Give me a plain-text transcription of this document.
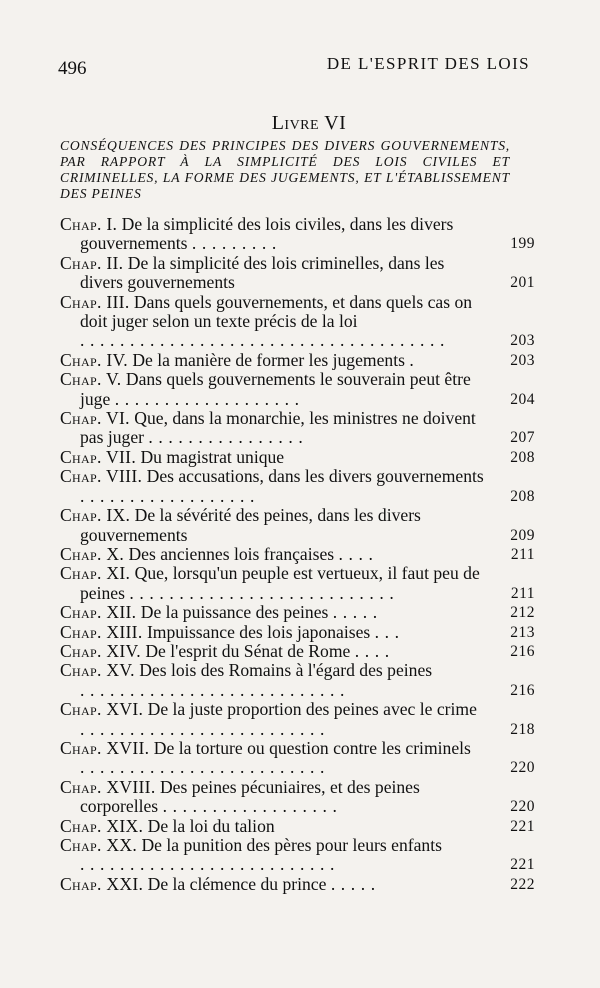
496	DE L'ESPRIT DES LOIS
Livre VI
CONSÉQUENCES DES PRINCIPES DES DIVERS GOUVERNEMENTS, PAR RAPPORT À LA SIMPLICITÉ DES LOIS CIVILES ET CRIMINELLES, LA FORME DES JUGEMENTS, ET L'ÉTABLISSEMENT DES PEINES
Chap. I. De la simplicité des lois civiles, dans les divers gouvernements .........	199
Chap. II. De la simplicité des lois criminelles, dans les divers gouvernements	201
Chap. III. Dans quels gouvernements, et dans quels cas on doit juger selon un texte précis de la loi .....................................	203
Chap. IV. De la manière de former les jugements .	203
Chap. V. Dans quels gouvernements le souverain peut être juge ...................	204
Chap. VI. Que, dans la monarchie, les ministres ne doivent pas juger ................	207
Chap. VII. Du magistrat unique	208
Chap. VIII. Des accusations, dans les divers gouvernements ..................	208
Chap. IX. De la sévérité des peines, dans les divers gouvernements	209
Chap. X. Des anciennes lois françaises ....	211
Chap. XI. Que, lorsqu'un peuple est vertueux, il faut peu de peines ...........................	211
Chap. XII. De la puissance des peines .....	212
Chap. XIII. Impuissance des lois japonaises ...	213
Chap. XIV. De l'esprit du Sénat de Rome ....	216
Chap. XV. Des lois des Romains à l'égard des peines ...........................	216
Chap. XVI. De la juste proportion des peines avec le crime .........................	218
Chap. XVII. De la torture ou question contre les criminels .........................	220
Chap. XVIII. Des peines pécuniaires, et des peines corporelles ..................	220
Chap. XIX. De la loi du talion	221
Chap. XX. De la punition des pères pour leurs enfants ..........................	221
Chap. XXI. De la clémence du prince .....	222
